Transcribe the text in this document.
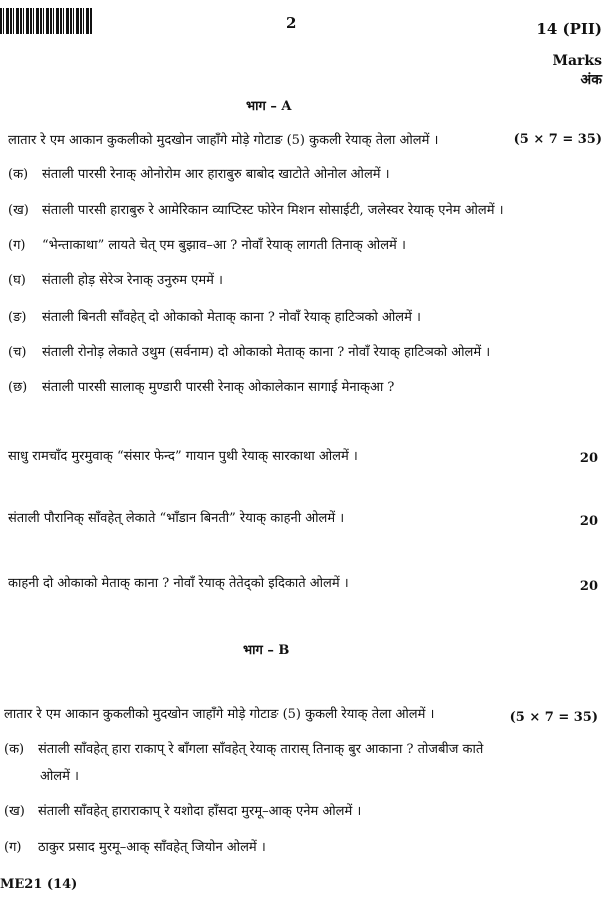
2	14 (PII)
Marks
अंक
भाग – A
लातार रे एम आकान कुकलीको मुदखोन जाहाँगे मोड़े गोटाङ (5) कुकली रेयाक् तेला ओलमें ।	(5 × 7 = 35)
(क) संताली पारसी रेनाक् ओनोरोम आर हाराबुरु बाबोद खाटोते ओनोल ओलमें ।
(ख) संताली पारसी हाराबुरु रे आमेरिकान व्याप्टिस्ट फोरेन मिशन सोसाईटी, जलेस्वर रेयाक् एनेम ओलमें ।
(ग) “भेन्ताकाथा” लायते चेत् एम बुझाव–आ ? नोवाँ रेयाक् लागती तिनाक् ओलमें ।
(घ) संताली होड़ सेरेञ रेनाक् उनुरुम एममें ।
(ङ) संताली बिनती साँवहेत् दो ओकाको मेताक् काना ? नोवाँ रेयाक् हाटिञको ओलमें ।
(च) संताली रोनोड़ लेकाते उथुम (सर्वनाम) दो ओकाको मेताक् काना ? नोवाँ रेयाक् हाटिञको ओलमें ।
(छ) संताली पारसी सालाक् मुण्डारी पारसी रेनाक् ओकालेकान सागाई मेनाक्आ ?
साधु रामचाँद मुरमुवाक् “संसार फेन्द” गायान पुथी रेयाक् सारकाथा ओलमें ।	20
संताली पौरानिक् साँवहेत् लेकाते “भाँडान बिनती” रेयाक् काहनी ओलमें ।	20
काहनी दो ओकाको मेताक् काना ? नोवाँ रेयाक् तेतेद्को इदिकाते ओलमें ।	20
भाग – B
लातार रे एम आकान कुकलीको मुदखोन जाहाँगे मोड़े गोटाङ (5) कुकली रेयाक् तेला ओलमें ।	(5 × 7 = 35)
(क) संताली साँवहेत् हारा राकाप् रे बाँगला साँवहेत् रेयाक् तारास् तिनाक् बुर आकाना ? तोजबीज काते
ओलमें ।
(ख) संताली साँवहेत् हाराराकाप् रे यशोदा हाँसदा मुरमू–आक् एनेम ओलमें ।
(ग) ठाकुर प्रसाद मुरमू–आक् साँवहेत् जियोन ओलमें ।
ME21 (14)
